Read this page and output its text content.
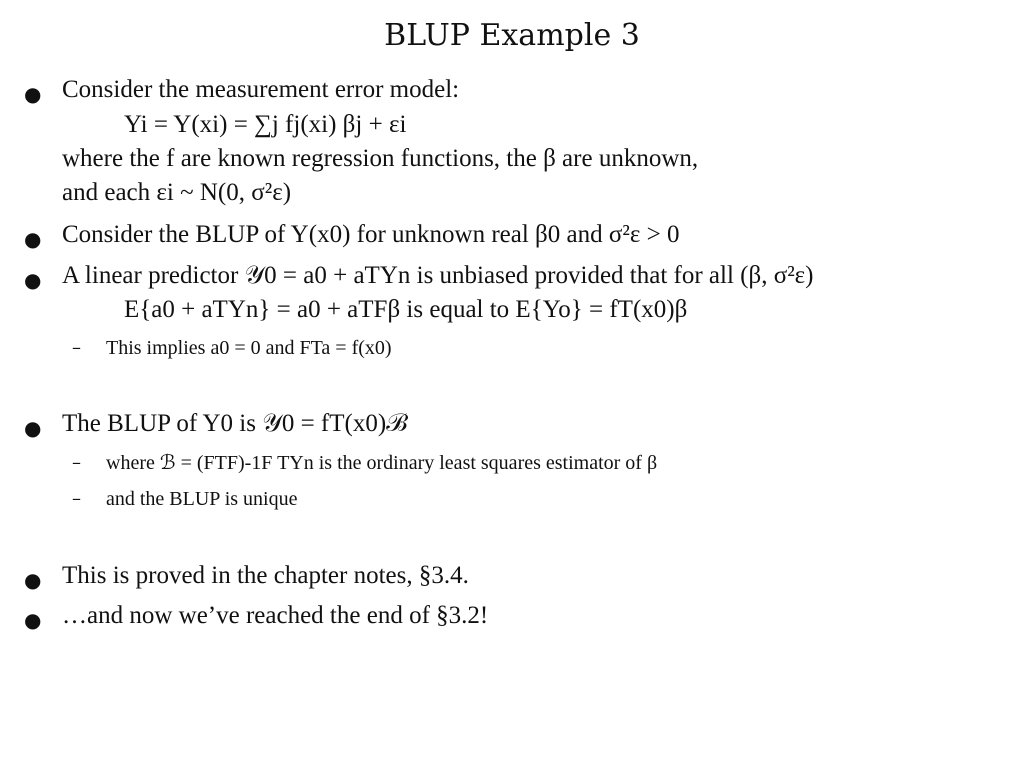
BLUP Example 3
● Consider the measurement error model:
Yi = Y(xi) = ∑j fj(xi) βj + εi
where the f are known regression functions, the β are unknown,
and each εi ~ N(0, σ²ε)
● Consider the BLUP of Y(x0) for unknown real β0 and σ²ε > 0
● A linear predictor 𝒴0 = a0 + aTYn is unbiased provided that for all (β, σ²ε)
E{a0 + aTYn} = a0 + aTFβ is equal to E{Yo} = fT(x0)β
– This implies a0 = 0 and FTa = f(x0)
● The BLUP of Y0 is 𝒴0 = fT(x0)ℬ
– where ℬ = (FTF)-1F TYn is the ordinary least squares estimator of β
– and the BLUP is unique
● This is proved in the chapter notes, §3.4.
● …and now we’ve reached the end of §3.2!
